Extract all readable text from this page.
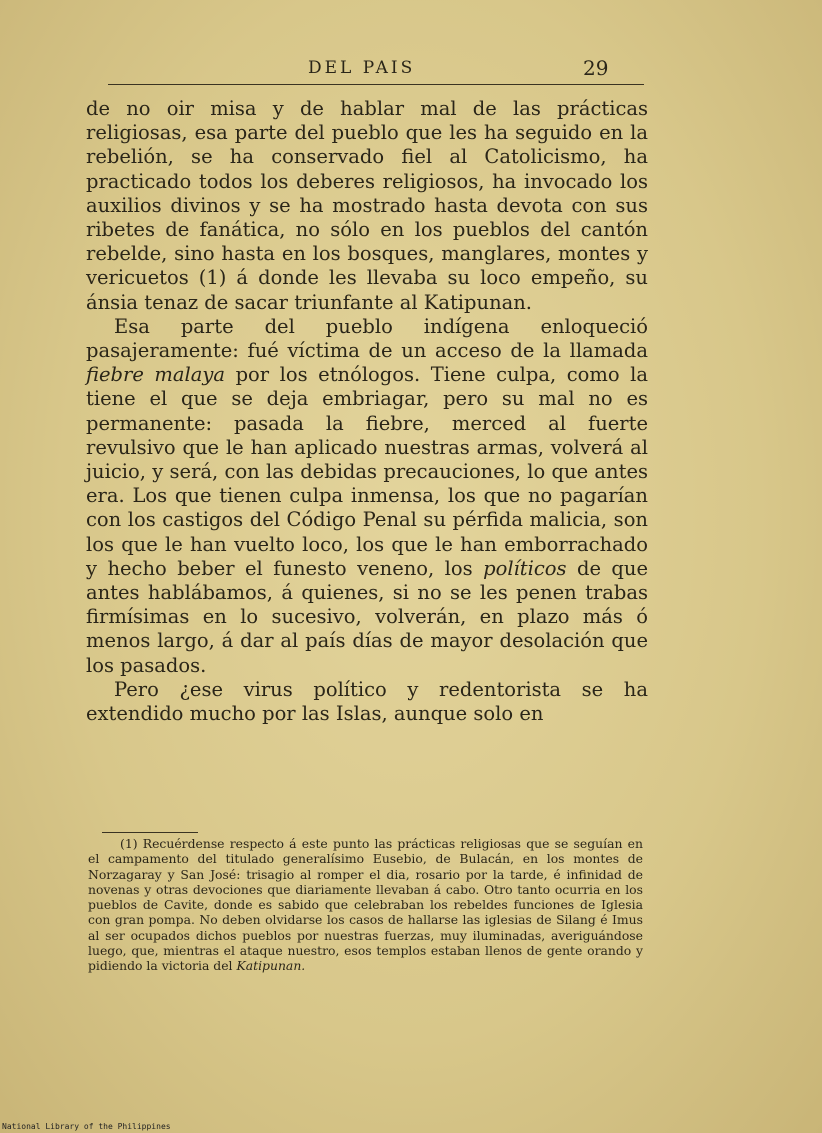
DEL PAIS	29

de no oir misa y de hablar mal de las prácticas religiosas, esa parte del pueblo que les ha seguido en la rebelión, se ha conservado fiel al Catolicismo, ha practicado todos los deberes religiosos, ha invocado los auxilios divinos y se ha mostrado hasta devota con sus ribetes de fanática, no sólo en los pueblos del cantón rebelde, sino hasta en los bosques, manglares, montes y vericuetos (1) á donde les llevaba su loco empeño, su ánsia tenaz de sacar triunfante al Katipunan.

Esa parte del pueblo indígena enloqueció pasajeramente: fué víctima de un acceso de la llamada fiebre malaya por los etnólogos. Tiene culpa, como la tiene el que se deja embriagar, pero su mal no es permanente: pasada la fiebre, merced al fuerte revulsivo que le han aplicado nuestras armas, volverá al juicio, y será, con las debidas precauciones, lo que antes era. Los que tienen culpa inmensa, los que no pagarían con los castigos del Código Penal su pérfida malicia, son los que le han vuelto loco, los que le han emborrachado y hecho beber el funesto veneno, los políticos de que antes hablábamos, á quienes, si no se les penen trabas firmísimas en lo sucesivo, volverán, en plazo más ó menos largo, á dar al país días de mayor desolación que los pasados.

Pero ¿ese virus político y redentorista se ha extendido mucho por las Islas, aunque solo en

(1) Recuérdense respecto á este punto las prácticas religiosas que se seguían en el campamento del titulado generalísimo Eusebio, de Bulacán, en los montes de Norzagaray y San José: trisagio al romper el dia, rosario por la tarde, é infinidad de novenas y otras devociones que diariamente llevaban á cabo. Otro tanto ocurria en los pueblos de Cavite, donde es sabido que celebraban los rebeldes funciones de Iglesia con gran pompa. No deben olvidarse los casos de hallarse las iglesias de Silang é Imus al ser ocupados dichos pueblos por nuestras fuerzas, muy iluminadas, averiguándose luego, que, mientras el ataque nuestro, esos templos estaban llenos de gente orando y pidiendo la victoria del Katipunan.

National Library of the Philippines
